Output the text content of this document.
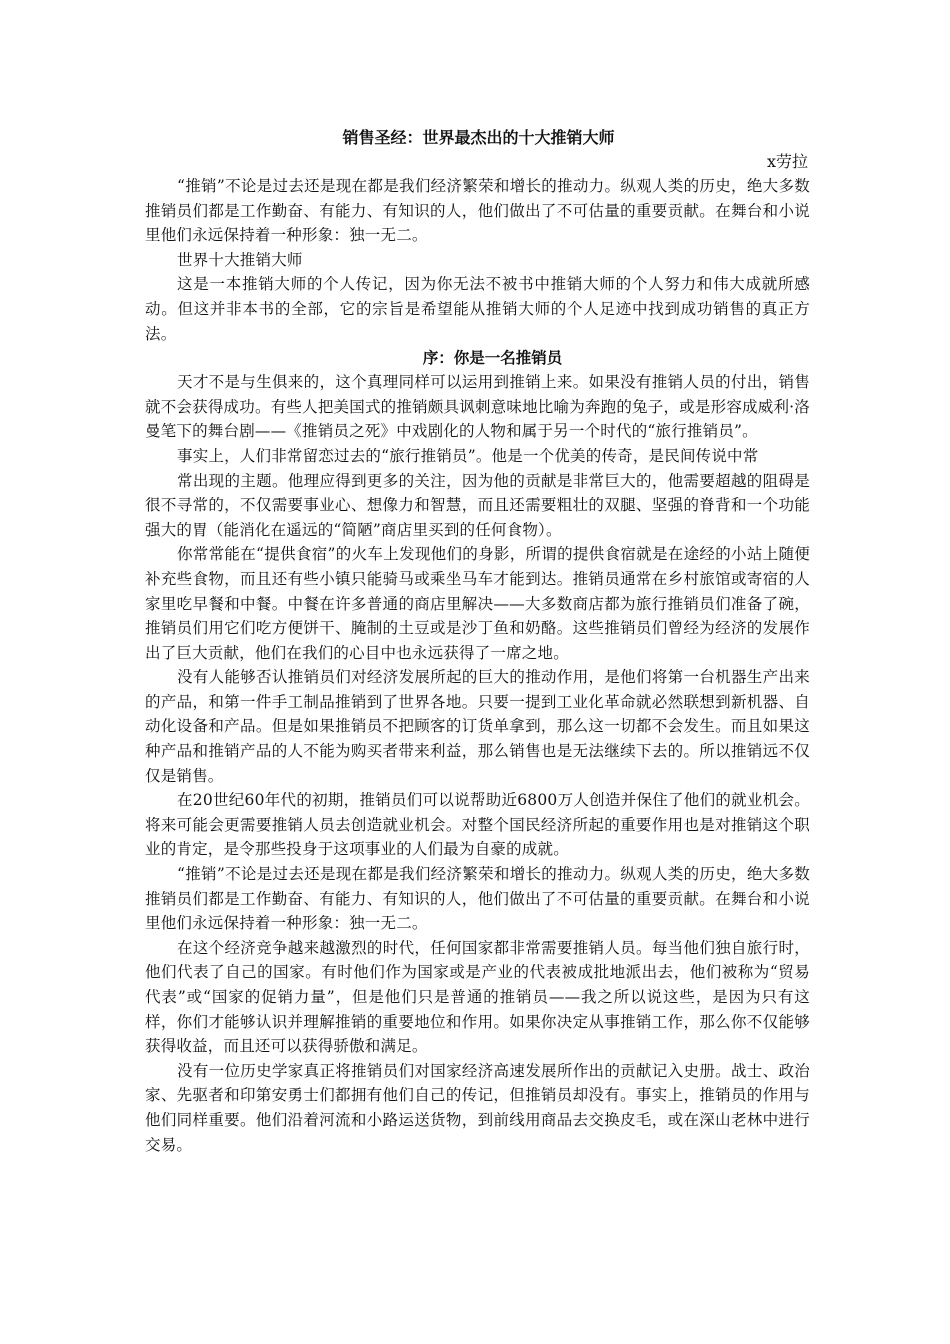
销售圣经：世界最杰出的十大推销大师

x劳拉

“推销”不论是过去还是现在都是我们经济繁荣和增长的推动力。纵观人类的历史，绝大多数推销员们都是工作勤奋、有能力、有知识的人，他们做出了不可估量的重要贡献。在舞台和小说里他们永远保持着一种形象：独一无二。

世界十大推销大师

这是一本推销大师的个人传记，因为你无法不被书中推销大师的个人努力和伟大成就所感动。但这并非本书的全部，它的宗旨是希望能从推销大师的个人足迹中找到成功销售的真正方法。

序：你是一名推销员

天才不是与生俱来的，这个真理同样可以运用到推销上来。如果没有推销人员的付出，销售就不会获得成功。有些人把美国式的推销颇具讽刺意味地比喻为奔跑的兔子，或是形容成威利·洛曼笔下的舞台剧——《推销员之死》中戏剧化的人物和属于另一个时代的“旅行推销员”。

事实上，人们非常留恋过去的“旅行推销员”。他是一个优美的传奇，是民间传说中常

常出现的主题。他理应得到更多的关注，因为他的贡献是非常巨大的，他需要超越的阻碍是很不寻常的，不仅需要事业心、想像力和智慧，而且还需要粗壮的双腿、坚强的脊背和一个功能强大的胃（能消化在遥远的“简陋”商店里买到的任何食物）。

你常常能在“提供食宿”的火车上发现他们的身影，所谓的提供食宿就是在途经的小站上随便补充些食物，而且还有些小镇只能骑马或乘坐马车才能到达。推销员通常在乡村旅馆或寄宿的人家里吃早餐和中餐。中餐在许多普通的商店里解决——大多数商店都为旅行推销员们准备了碗，推销员们用它们吃方便饼干、腌制的土豆或是沙丁鱼和奶酪。这些推销员们曾经为经济的发展作出了巨大贡献，他们在我们的心目中也永远获得了一席之地。

没有人能够否认推销员们对经济发展所起的巨大的推动作用，是他们将第一台机器生产出来的产品，和第一件手工制品推销到了世界各地。只要一提到工业化革命就必然联想到新机器、自动化设备和产品。但是如果推销员不把顾客的订货单拿到，那么这一切都不会发生。而且如果这种产品和推销产品的人不能为购买者带来利益，那么销售也是无法继续下去的。所以推销远不仅仅是销售。

在20世纪60年代的初期，推销员们可以说帮助近6800万人创造并保住了他们的就业机会。将来可能会更需要推销人员去创造就业机会。对整个国民经济所起的重要作用也是对推销这个职业的肯定，是令那些投身于这项事业的人们最为自豪的成就。

“推销”不论是过去还是现在都是我们经济繁荣和增长的推动力。纵观人类的历史，绝大多数推销员们都是工作勤奋、有能力、有知识的人，他们做出了不可估量的重要贡献。在舞台和小说里他们永远保持着一种形象：独一无二。

在这个经济竞争越来越激烈的时代，任何国家都非常需要推销人员。每当他们独自旅行时，他们代表了自己的国家。有时他们作为国家或是产业的代表被成批地派出去，他们被称为“贸易代表”或“国家的促销力量”，但是他们只是普通的推销员——我之所以说这些，是因为只有这样，你们才能够认识并理解推销的重要地位和作用。如果你决定从事推销工作，那么你不仅能够获得收益，而且还可以获得骄傲和满足。

没有一位历史学家真正将推销员们对国家经济高速发展所作出的贡献记入史册。战士、政治家、先驱者和印第安勇士们都拥有他们自己的传记，但推销员却没有。事实上，推销员的作用与他们同样重要。他们沿着河流和小路运送货物，到前线用商品去交换皮毛，或在深山老林中进行交易。
